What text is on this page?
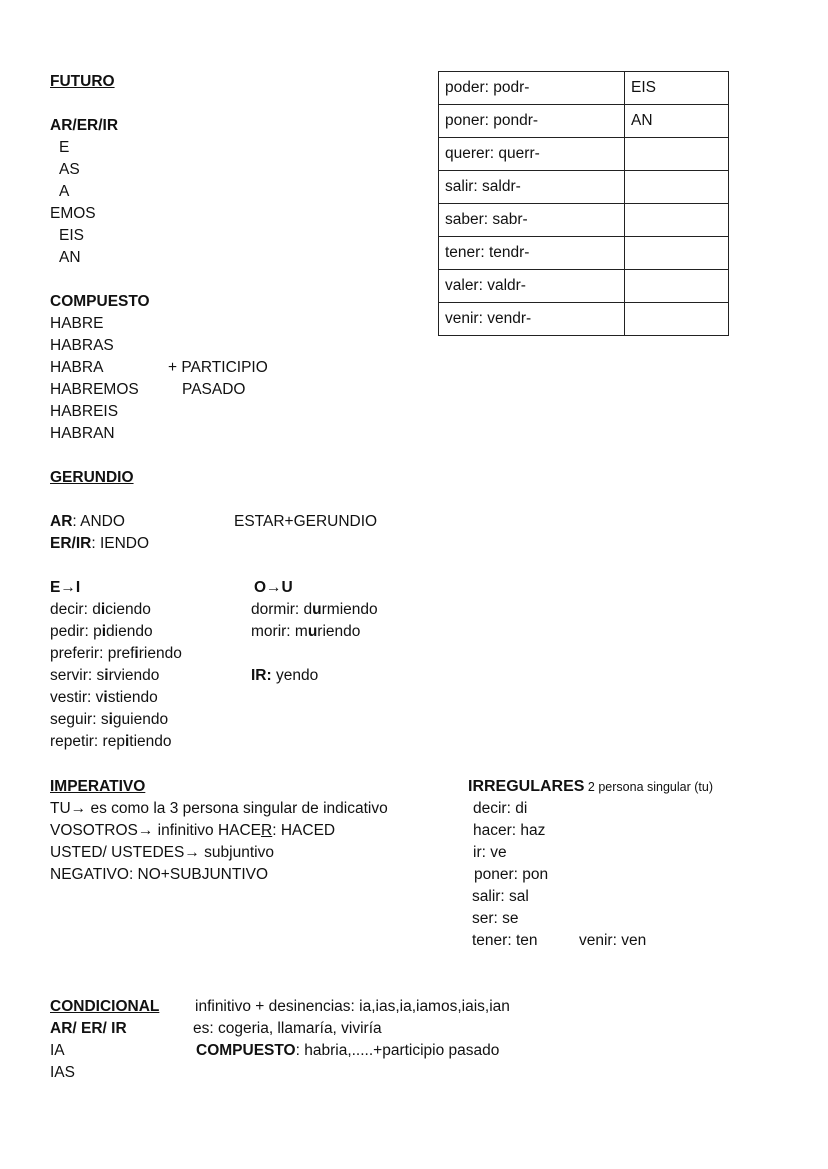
FUTURO
AR/ER/IR
E
AS
A
EMOS
EIS
AN
COMPUESTO
HABRE
HABRAS
HABRA
HABREMOS
HABREIS
HABRAN
+ PARTICIPIO
PASADO
poder: podr-	EIS
poner: pondr-	AN
querer: querr-	
salir: saldr-	
saber: sabr-	
tener: tendr-	
valer: valdr-	
venir: vendr-	
GERUNDIO
AR: ANDO
ER/IR: IENDO
E→I
decir: diciendo
pedir: pidiendo
preferir: prefiriendo
servir: sirviendo
vestir: vistiendo
seguir: siguiendo
repetir: repitiendo
ESTAR+GERUNDIO
O→U
dormir: durmiendo
morir: muriendo
IR: yendo
IMPERATIVO
TU→ es como la 3 persona singular de indicativo
VOSOTROS→ infinitivo HACER: HACED
USTED/ USTEDES→ subjuntivo
NEGATIVO: NO+SUBJUNTIVO
IRREGULARES 2 persona singular (tu)
decir: di
hacer: haz
ir: ve
poner: pon
salir: sal
ser: se
tener: ten	venir: ven
CONDICIONAL
AR/ ER/ IR
IA
IAS
infinitivo + desinencias: ia,ias,ia,iamos,iais,ian
es: cogeria, llamaría, viviría
COMPUESTO: habria,.....+participio pasado
